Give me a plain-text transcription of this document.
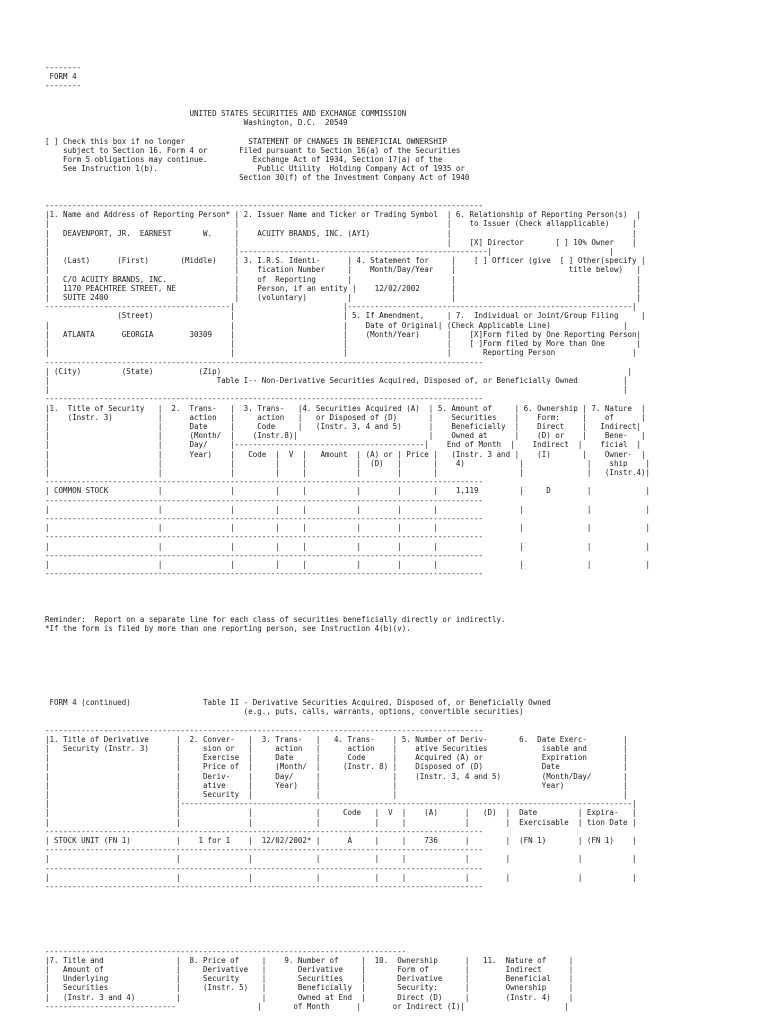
--------
FORM 4
--------

UNITED STATES SECURITIES AND EXCHANGE COMMISSION
Washington, D.C.  20549

[ ] Check this box if no longer              STATEMENT OF CHANGES IN BENEFICIAL OWNERSHIP
subject to Section 16. Form 4 or       Filed pursuant to Section 16(a) of the Securities
Form 5 obligations may continue.          Exchange Act of 1934, Section 17(a) of the
See Instruction 1(b).                      Public Utility  Holding Company Act of 1935 or
Section 30(f) of the Investment Company Act of 1940

-------------------------------------------------------------------------------------------------
|1. Name and Address of Reporting Person* | 2. Issuer Name and Ticker or Trading Symbol  | 6. Relationship of Reporting Person(s)  |
|                                         |                                              |    to Issuer (Check allapplicable)     |
|   DEAVENPORT, JR.  EARNEST       W.     |    ACUITY BRANDS, INC. (AYI)                 |                                        |
|                                         |                                              |    [X] Director       [ ] 10% Owner    |
|                                         |-------------------------------------------------------|                          |
|   (Last)      (First)       (Middle)    | 3. I.R.S. Identi-      | 4. Statement for     |    [ ] Officer (give  [ ] Other(specify |
|                                         |    fication Number     |    Month/Day/Year    |                         title below)   |
|   C/O ACUITY BRANDS, INC.               |    of  Reporting       |                      |                                        |
|   1170 PEACHTREE STREET, NE             |    Person, if an entity |    12/02/2002       |                                        |
|   SUITE 2400                            |    (voluntary)         |                      |                                        |
-----------------------------------------|                        |---------------------------------------------------------------|
(Street)                 |                        | 5. If Amendment,     | 7.  Individual or Joint/Group Filing     |
|                                        |                        |    Date of Original| (Check Applicable Line)                |
|   ATLANTA      GEORGIA        30309    |                        |    (Month/Year)      |    [X]Form filed by One Reporting Person|
|                                        |                        |                      |    [ ]Form filed by More than One       |
|                                        |                        |                      |       Reporting Person                 |
-------------------------------------------------------------------------------------------------
| (City)         (State)          (Zip)                                                                                          |
|                                     Table I-- Non-Derivative Securities Acquired, Disposed of, or Beneficially Owned          |
|                                                                                                                               |
-------------------------------------------------------------------------------------------------
|1.  Title of Security   |  2.  Trans-   |  3. Trans-   |4. Securities Acquired (A)  | 5. Amount of     | 6. Ownership | 7. Nature  |
|    (Instr. 3)          |      action   |     action   |   or Disposed of (D)       |    Securities    |    Form:     |    of      |
|                        |      Date     |     Code     |   (Instr. 3, 4 and 5)      |    Beneficially  |    Direct    |   Indirect|
|                        |      (Month/  |    (Instr.8)|                             |    Owned at      |    (D) or    |    Bene-   |
|                        |      Day/     |------------------------------------------|    End of Month  |    Indirect  |    ficial  |
|                        |      Year)    |   Code  |  V  |   Amount  | (A) or | Price |   (Instr. 3 and |    (I)       |    Owner-  |
|                        |               |         |     |           |  (D)   |       |    4)            |              |    ship    |
|                        |               |         |     |           |        |       |                  |              |   (Instr.4)|
-------------------------------------------------------------------------------------------------
| COMMON STOCK           |               |         |     |           |        |       |    1,119         |     D        |            |
-------------------------------------------------------------------------------------------------
|                        |               |         |     |           |        |       |                  |              |            |
-------------------------------------------------------------------------------------------------
|                        |               |         |     |           |        |       |                  |              |            |
-------------------------------------------------------------------------------------------------
|                        |               |         |     |           |        |       |                  |              |            |
-------------------------------------------------------------------------------------------------
|                        |               |         |     |           |        |       |                  |              |            |
-------------------------------------------------------------------------------------------------

Reminder:  Report on a separate line for each class of securities beneficially directly or indirectly.
*If the form is filed by more than one reporting person, see Instruction 4(b)(v).

FORM 4 (continued)                Table II - Derivative Securities Acquired, Disposed of, or Beneficially Owned
(e.g., puts, calls, warrants, options, convertible securities)

-------------------------------------------------------------------------------------------------
|1. Title of Derivative      |  2. Conver-   |  3. Trans-   |   4. Trans-    | 5. Number of Deriv-       6.  Date Exerc-        |
|   Security (Instr. 3)      |     sion or   |     action   |      action    |    ative Securities            isable and        |
|                            |     Exercise  |     Date     |      Code      |    Acquired (A) or             Expiration        |
|                            |     Price of  |     (Month/  |     (Instr. 8) |    Disposed of (D)             Date              |
|                            |     Deriv-    |     Day/     |                |    (Instr. 3, 4 and 5)         (Month/Day/       |
|                            |     ative     |     Year)    |                |                                Year)             |
|                            |     Security  |              |                |                                                  |
|                            |----------------------------------------------------------------------------------------------------|
|                            |               |              |     Code   |  V  |    (A)      |   (D)  |  Date         | Expira-   |
|                            |               |              |            |     |             |        |  Exercisable  | tion Date |
-------------------------------------------------------------------------------------------------
| STOCK UNIT (FN 1)          |    1 for 1    |  12/02/2002* |      A     |     |    736      |        |  (FN 1)       | (FN 1)    |
-------------------------------------------------------------------------------------------------
|                            |               |              |            |     |             |        |               |           |
-------------------------------------------------------------------------------------------------
|                            |               |              |            |     |             |        |               |           |
-------------------------------------------------------------------------------------------------

--------------------------------------------------------------------------------
|7. Title and                |  8. Price of     |    9. Number of     |  10.  Ownership      |   11.  Nature of     |
|   Amount of                |     Derivative   |       Derivative    |       Form of        |        Indirect      |
|   Underlying               |     Security     |       Securities    |       Derivative     |        Beneficial    |
|   Securities               |     (Instr. 5)   |       Beneficially  |       Security:      |        Ownership     |
|   (Instr. 3 and 4)         |                  |       Owned at End  |       Direct (D)     |        (Instr. 4)    |
-----------------------------                  |       of Month      |       or Indirect (I)|                      |
